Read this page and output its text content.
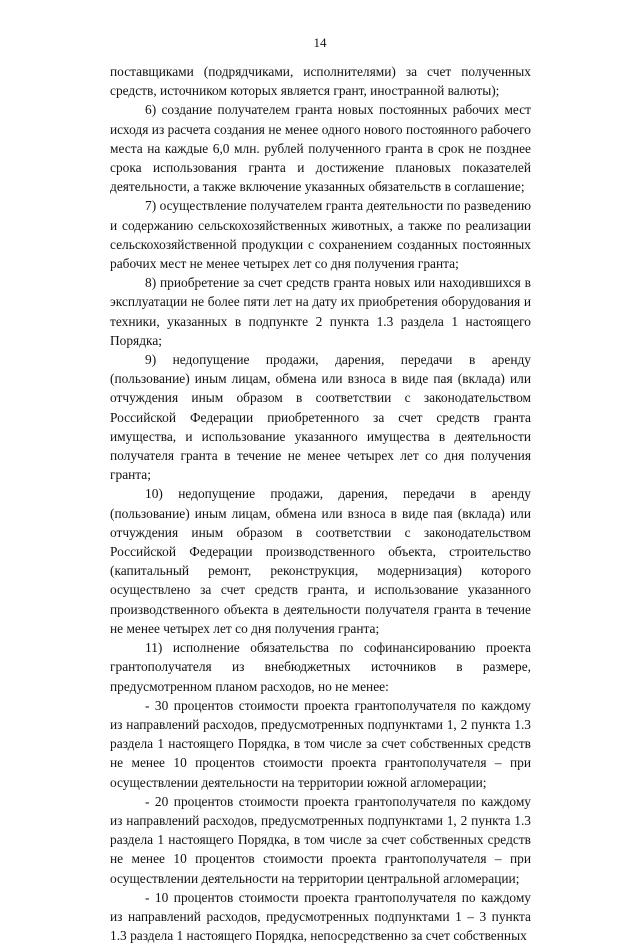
14

поставщиками (подрядчиками, исполнителями) за счет полученных средств, источником которых является грант, иностранной валюты);

6) создание получателем гранта новых постоянных рабочих мест исходя из расчета создания не менее одного нового постоянного рабочего места на каждые 6,0 млн. рублей полученного гранта в срок не позднее срока использования гранта и достижение плановых показателей деятельности, а также включение указанных обязательств в соглашение;

7) осуществление получателем гранта деятельности по разведению и содержанию сельскохозяйственных животных, а также по реализации сельскохозяйственной продукции с сохранением созданных постоянных рабочих мест не менее четырех лет со дня получения гранта;

8) приобретение за счет средств гранта новых или находившихся в эксплуатации не более пяти лет на дату их приобретения оборудования и техники, указанных в подпункте 2 пункта 1.3 раздела 1 настоящего Порядка;

9) недопущение продажи, дарения, передачи в аренду (пользование) иным лицам, обмена или взноса в виде пая (вклада) или отчуждения иным образом в соответствии с законодательством Российской Федерации приобретенного за счет средств гранта имущества, и использование указанного имущества в деятельности получателя гранта в течение не менее четырех лет со дня получения гранта;

10) недопущение продажи, дарения, передачи в аренду (пользование) иным лицам, обмена или взноса в виде пая (вклада) или отчуждения иным образом в соответствии с законодательством Российской Федерации производственного объекта, строительство (капитальный ремонт, реконструкция, модернизация) которого осуществлено за счет средств гранта, и использование указанного производственного объекта в деятельности получателя гранта в течение не менее четырех лет со дня получения гранта;

11) исполнение обязательства по софинансированию проекта грантополучателя из внебюджетных источников в размере, предусмотренном планом расходов, но не менее:

- 30 процентов стоимости проекта грантополучателя по каждому из направлений расходов, предусмотренных подпунктами 1, 2 пункта 1.3 раздела 1 настоящего Порядка, в том числе за счет собственных средств не менее 10 процентов стоимости проекта грантополучателя – при осуществлении деятельности на территории южной агломерации;

- 20 процентов стоимости проекта грантополучателя по каждому из направлений расходов, предусмотренных подпунктами 1, 2 пункта 1.3 раздела 1 настоящего Порядка, в том числе за счет собственных средств не менее 10 процентов стоимости проекта грантополучателя – при осуществлении деятельности на территории центральной агломерации;

- 10 процентов стоимости проекта грантополучателя по каждому из направлений расходов, предусмотренных подпунктами 1 – 3 пункта 1.3 раздела 1 настоящего Порядка, непосредственно за счет собственных
